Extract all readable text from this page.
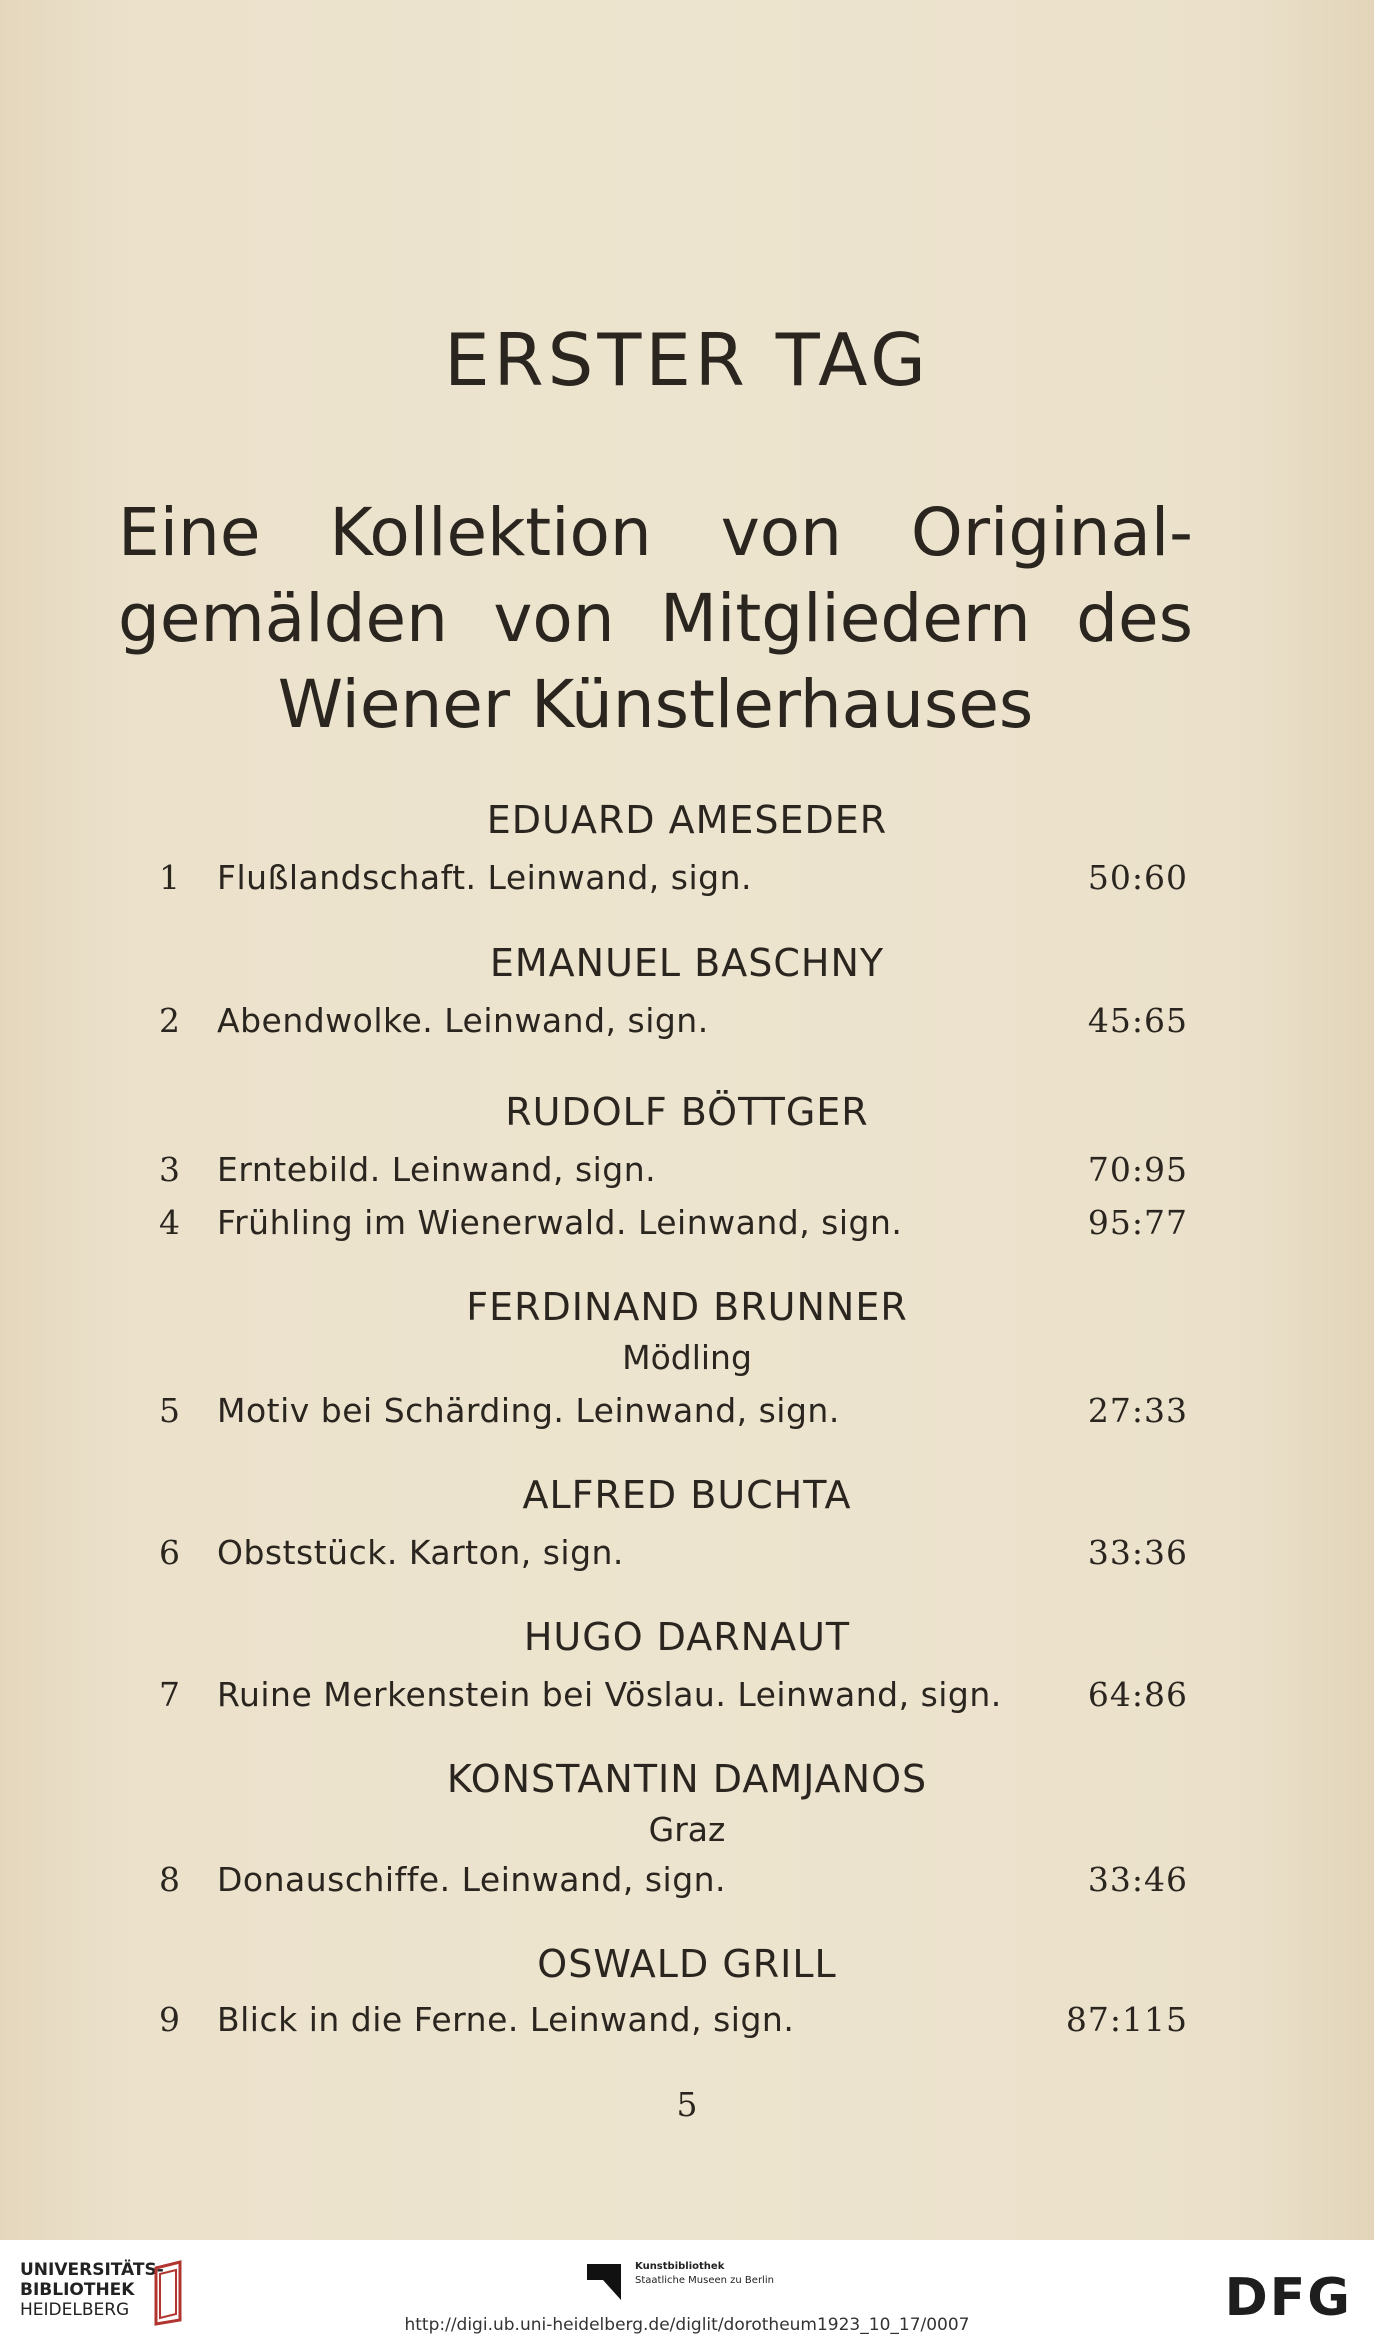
ERSTER TAG
Eine Kollektion von Original-
gemälden von Mitgliedern des
Wiener Künstlerhauses
EDUARD AMESEDER
1 Flußlandschaft. Leinwand, sign.	50:60
EMANUEL BASCHNY
2 Abendwolke. Leinwand, sign.	45:65
RUDOLF BÖTTGER
3 Erntebild. Leinwand, sign.	70:95
4 Frühling im Wienerwald. Leinwand, sign.	95:77
FERDINAND BRUNNER
Mödling
5 Motiv bei Schärding. Leinwand, sign.	27:33
ALFRED BUCHTA
6 Obststück. Karton, sign.	33:36
HUGO DARNAUT
7 Ruine Merkenstein bei Vöslau. Leinwand, sign.	64:86
KONSTANTIN DAMJANOS
Graz
8 Donauschiffe. Leinwand, sign.	33:46
OSWALD GRILL
9 Blick in die Ferne. Leinwand, sign.	87:115
5
UNIVERSITÄTS-
BIBLIOTHEK
HEIDELBERG
Kunstbibliothek
Staatliche Museen zu Berlin	DFG
http://digi.ub.uni-heidelberg.de/diglit/dorotheum1923_10_17/0007
